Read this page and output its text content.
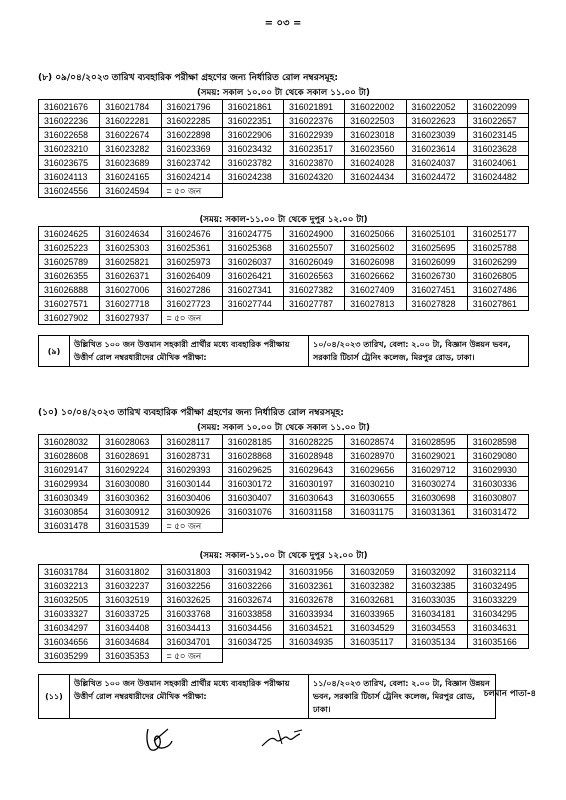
= ০৩ =
(৮) ০৯/০৪/২০২৩ তারিখ ব্যবহারিক পরীক্ষা গ্রহণের জন্য নির্ধারিত রোল নম্বরসমূহ:
(সময়: সকাল ১০.০০ টা থেকে সকাল ১১.০০ টা)
316021676	316021784	316021796	316021861	316021891	316022002	316022052	316022099
316022236	316022281	316022285	316022351	316022376	316022503	316022623	316022657
316022658	316022674	316022898	316022906	316022939	316023018	316023039	316023145
316023210	316023282	316023369	316023432	316023517	316023560	316023614	316023628
316023675	316023689	316023742	316023782	316023870	316024028	316024037	316024061
316024113	316024165	316024214	316024238	316024320	316024434	316024472	316024482
316024556	316024594	= ৫০ জন					
(সময়: সকাল-১১.০০ টা থেকে দুপুর ১২.০০ টা)
316024625	316024634	316024676	316024775	316024900	316025066	316025101	316025177
316025223	316025303	316025361	316025368	316025507	316025602	316025695	316025788
316025789	316025821	316025973	316026037	316026049	316026098	316026099	316026299
316026355	316026371	316026409	316026421	316026563	316026662	316026730	316026805
316026888	316027006	316027286	316027341	316027382	316027409	316027451	316027486
316027571	316027718	316027723	316027744	316027787	316027813	316027828	316027861
316027902	316027937	= ৫০ জন					
(৯)	উল্লিখিত ১০০ জন উত্তমান সহকারী প্রার্থীর মধ্যে ব্যবহারিক পরীক্ষায় উত্তীর্ণ রোল নম্বরধারীদের মৌখিক পরীক্ষা:	১০/০৪/২০২৩ তারিখ, বেলা: ২.০০ টা, বিজ্ঞান উন্নয়ন ভবন, সরকারি টিচার্স ট্রেনিং কলেজ, মিরপুর রোড, ঢাকা।
(১০) ১০/০৪/২০২৩ তারিখ ব্যবহারিক পরীক্ষা গ্রহণের জন্য নির্ধারিত রোল নম্বরসমূহ:
(সময়: সকাল ১০.০০ টা থেকে সকাল ১১.০০ টা)
316028032	316028063	316028117	316028185	316028225	316028574	316028595	316028598
316028608	316028691	316028731	316028868	316028948	316028970	316029021	316029080
316029147	316029224	316029393	316029625	316029643	316029656	316029712	316029930
316029934	316030080	316030144	316030172	316030197	316030210	316030274	316030336
316030349	316030362	316030406	316030407	316030643	316030655	316030698	316030807
316030854	316030912	316030926	316031076	316031158	316031175	316031361	316031472
316031478	316031539	= ৫০ জন					
(সময়: সকাল-১১.০০ টা থেকে দুপুর ১২.০০ টা)
316031784	316031802	316031803	316031942	316031956	316032059	316032092	316032114
316032213	316032237	316032256	316032266	316032361	316032382	316032385	316032495
316032505	316032519	316032625	316032674	316032678	316032681	316033035	316033229
316033327	316033725	316033768	316033858	316033934	316033965	316034181	316034295
316034297	316034408	316034413	316034456	316034521	316034529	316034553	316034631
316034656	316034684	316034701	316034725	316034935	316035117	316035134	316035166
316035299	316035353	= ৫০ জন					
(১১)	উল্লিখিত ১০০ জন উত্তমান সহকারী প্রার্থীর মধ্যে ব্যবহারিক পরীক্ষায় উত্তীর্ণ রোল নম্বরধারীদের মৌখিক পরীক্ষা:	১১/০৪/২০২৩ তারিখ, বেলা: ২.০০ টা, বিজ্ঞান উন্নয়ন ভবন, সরকারি টিচার্স ট্রেনিং কলেজ, মিরপুর রোড, ঢাকা।
চলমান পাতা-৪
